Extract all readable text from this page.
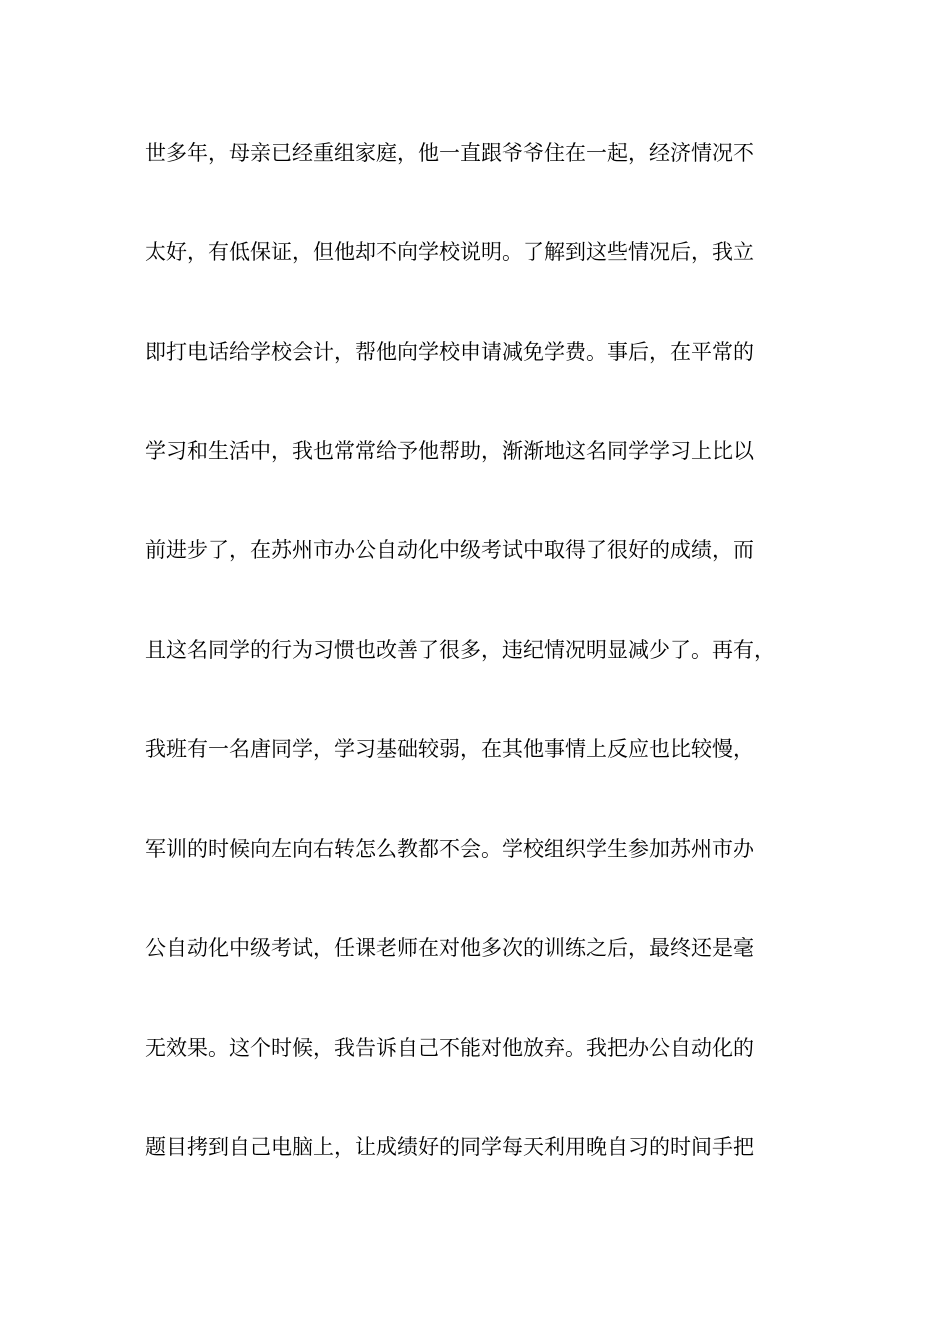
世多年，母亲已经重组家庭，他一直跟爷爷住在一起，经济情况不
太好，有低保证，但他却不向学校说明。了解到这些情况后，我立
即打电话给学校会计，帮他向学校申请减免学费。事后，在平常的
学习和生活中，我也常常给予他帮助，渐渐地这名同学学习上比以
前进步了，在苏州市办公自动化中级考试中取得了很好的成绩，而
且这名同学的行为习惯也改善了很多，违纪情况明显减少了。再有，
我班有一名唐同学，学习基础较弱，在其他事情上反应也比较慢，
军训的时候向左向右转怎么教都不会。学校组织学生参加苏州市办
公自动化中级考试，任课老师在对他多次的训练之后，最终还是毫
无效果。这个时候，我告诉自己不能对他放弃。我把办公自动化的
题目拷到自己电脑上，让成绩好的同学每天利用晚自习的时间手把
